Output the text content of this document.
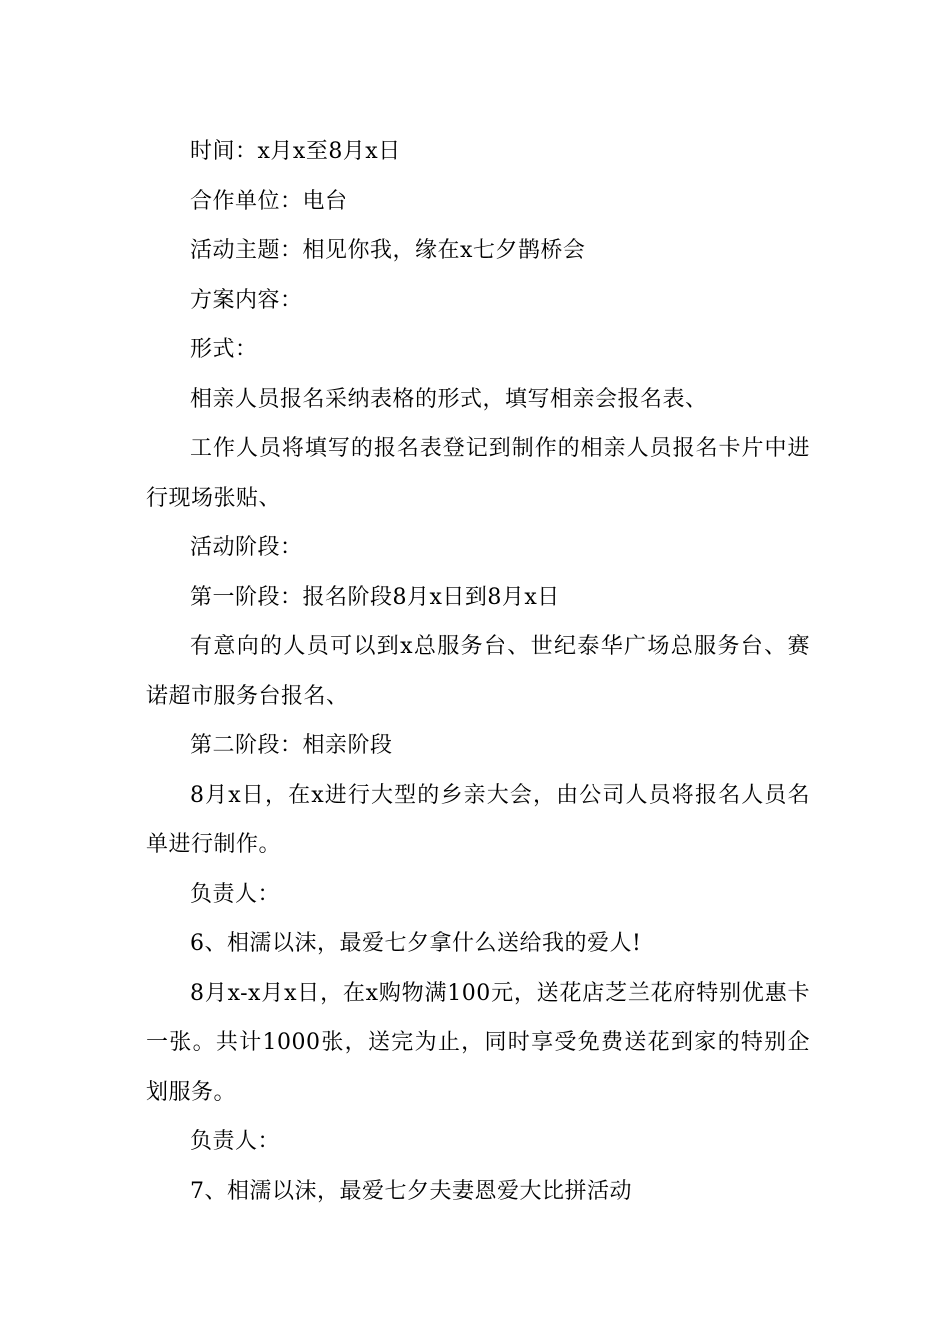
时间：x月x至8月x日

合作单位：电台

活动主题：相见你我，缘在x七夕鹊桥会

方案内容：

形式：

相亲人员报名采纳表格的形式，填写相亲会报名表、

工作人员将填写的报名表登记到制作的相亲人员报名卡片中进行现场张贴、

活动阶段：

第一阶段：报名阶段8月x日到8月x日

有意向的人员可以到x总服务台、世纪泰华广场总服务台、赛诺超市服务台报名、

第二阶段：相亲阶段

8月x日，在x进行大型的乡亲大会，由公司人员将报名人员名单进行制作。

负责人：

6、相濡以沫，最爱七夕拿什么送给我的爱人!

8月x-x月x日，在x购物满100元，送花店芝兰花府特别优惠卡一张。共计1000张，送完为止，同时享受免费送花到家的特别企划服务。

负责人：

7、相濡以沫，最爱七夕夫妻恩爱大比拼活动
